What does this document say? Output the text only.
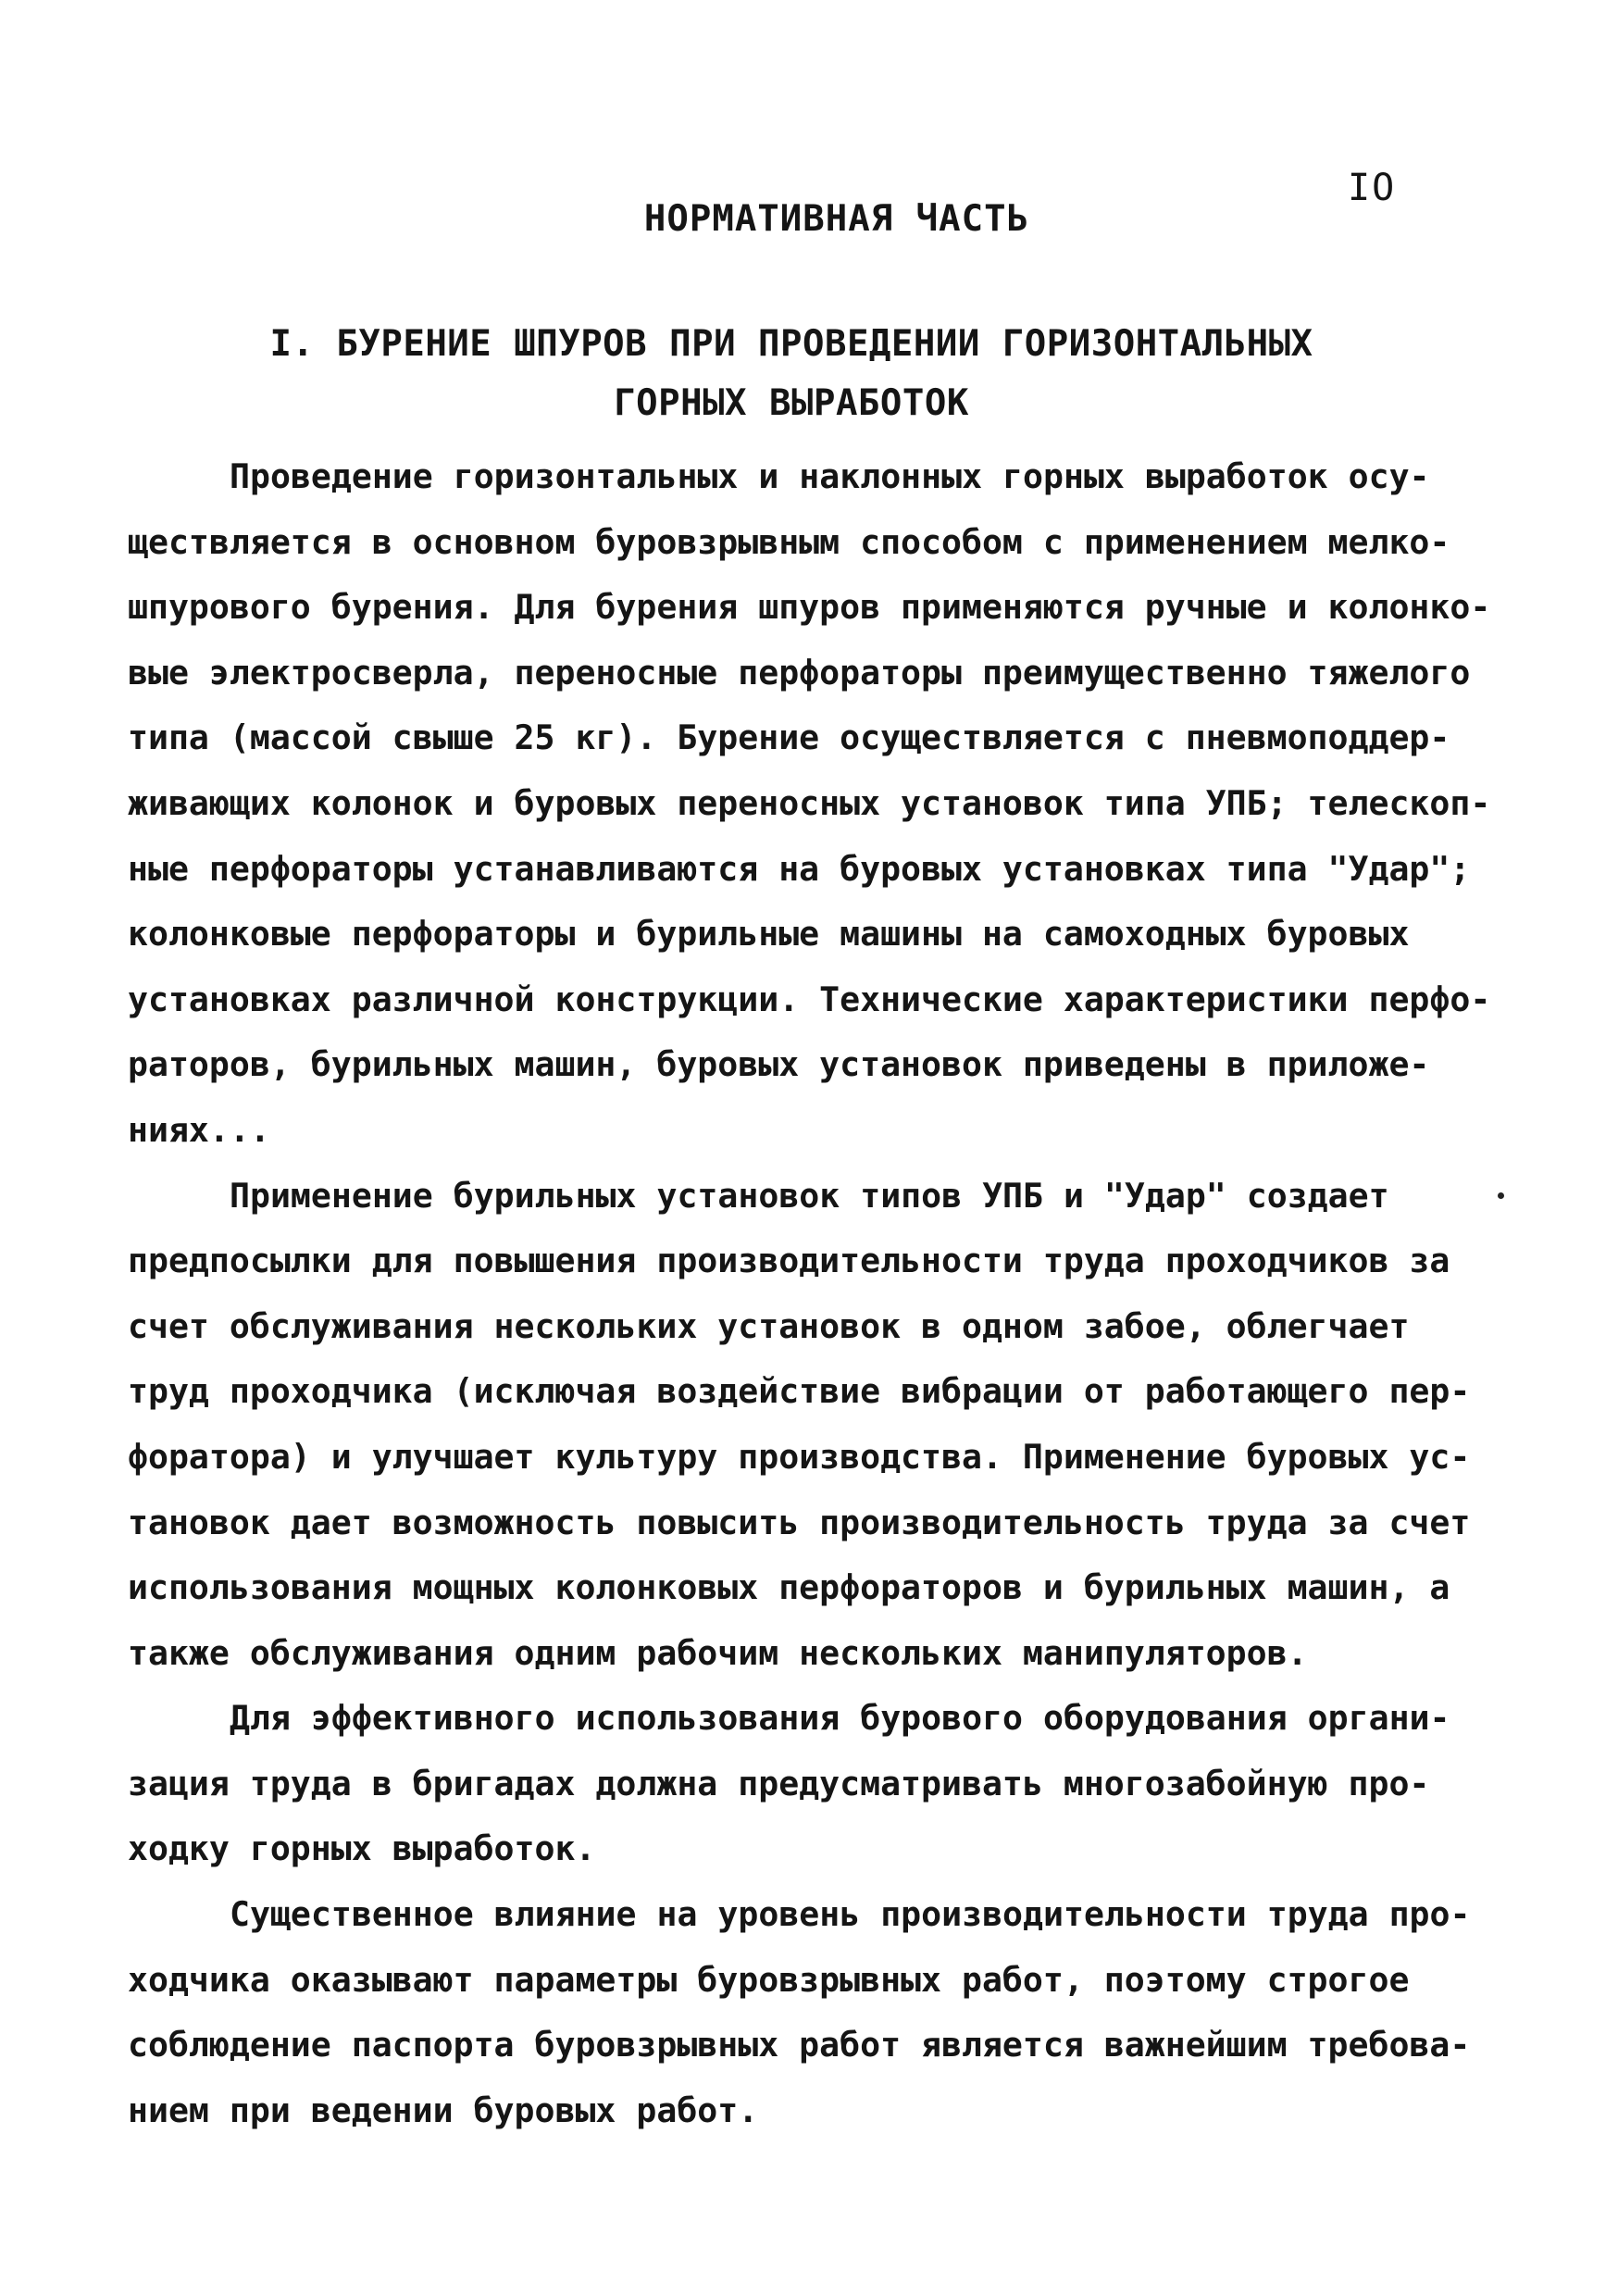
IO
НОРМАТИВНАЯ ЧАСТЬ
I. БУРЕНИЕ ШПУРОВ ПРИ ПРОВЕДЕНИИ ГОРИЗОНТАЛЬНЫХ
ГОРНЫХ ВЫРАБОТОК
Проведение горизонтальных и наклонных горных выработок осу-
ществляется в основном буровзрывным способом с применением мелко-
шпурового бурения. Для бурения шпуров применяются ручные и колонко-
вые электросверла, переносные перфораторы преимущественно тяжелого
типа (массой свыше 25 кг). Бурение осуществляется с пневмоподдер-
живающих колонок и буровых переносных установок типа УПБ; телескоп-
ные перфораторы устанавливаются на буровых установках типа "Удар";
колонковые перфораторы и бурильные машины на самоходных буровых
установках различной конструкции. Технические характеристики перфо-
раторов, бурильных машин, буровых установок приведены в приложе-
ниях...
Применение бурильных установок типов УПБ и "Удар" создает
предпосылки для повышения производительности труда проходчиков за
счет обслуживания нескольких установок в одном забое, облегчает
труд проходчика (исключая воздействие вибрации от работающего пер-
форатора) и улучшает культуру производства. Применение буровых ус-
тановок дает возможность повысить производительность труда за счет
использования мощных колонковых перфораторов и бурильных машин, а
также обслуживания одним рабочим нескольких манипуляторов.
Для эффективного использования бурового оборудования органи-
зация труда в бригадах должна предусматривать многозабойную про-
ходку горных выработок.
Существенное влияние на уровень производительности труда про-
ходчика оказывают параметры буровзрывных работ, поэтому строгое
соблюдение паспорта буровзрывных работ является важнейшим требова-
нием при ведении буровых работ.
